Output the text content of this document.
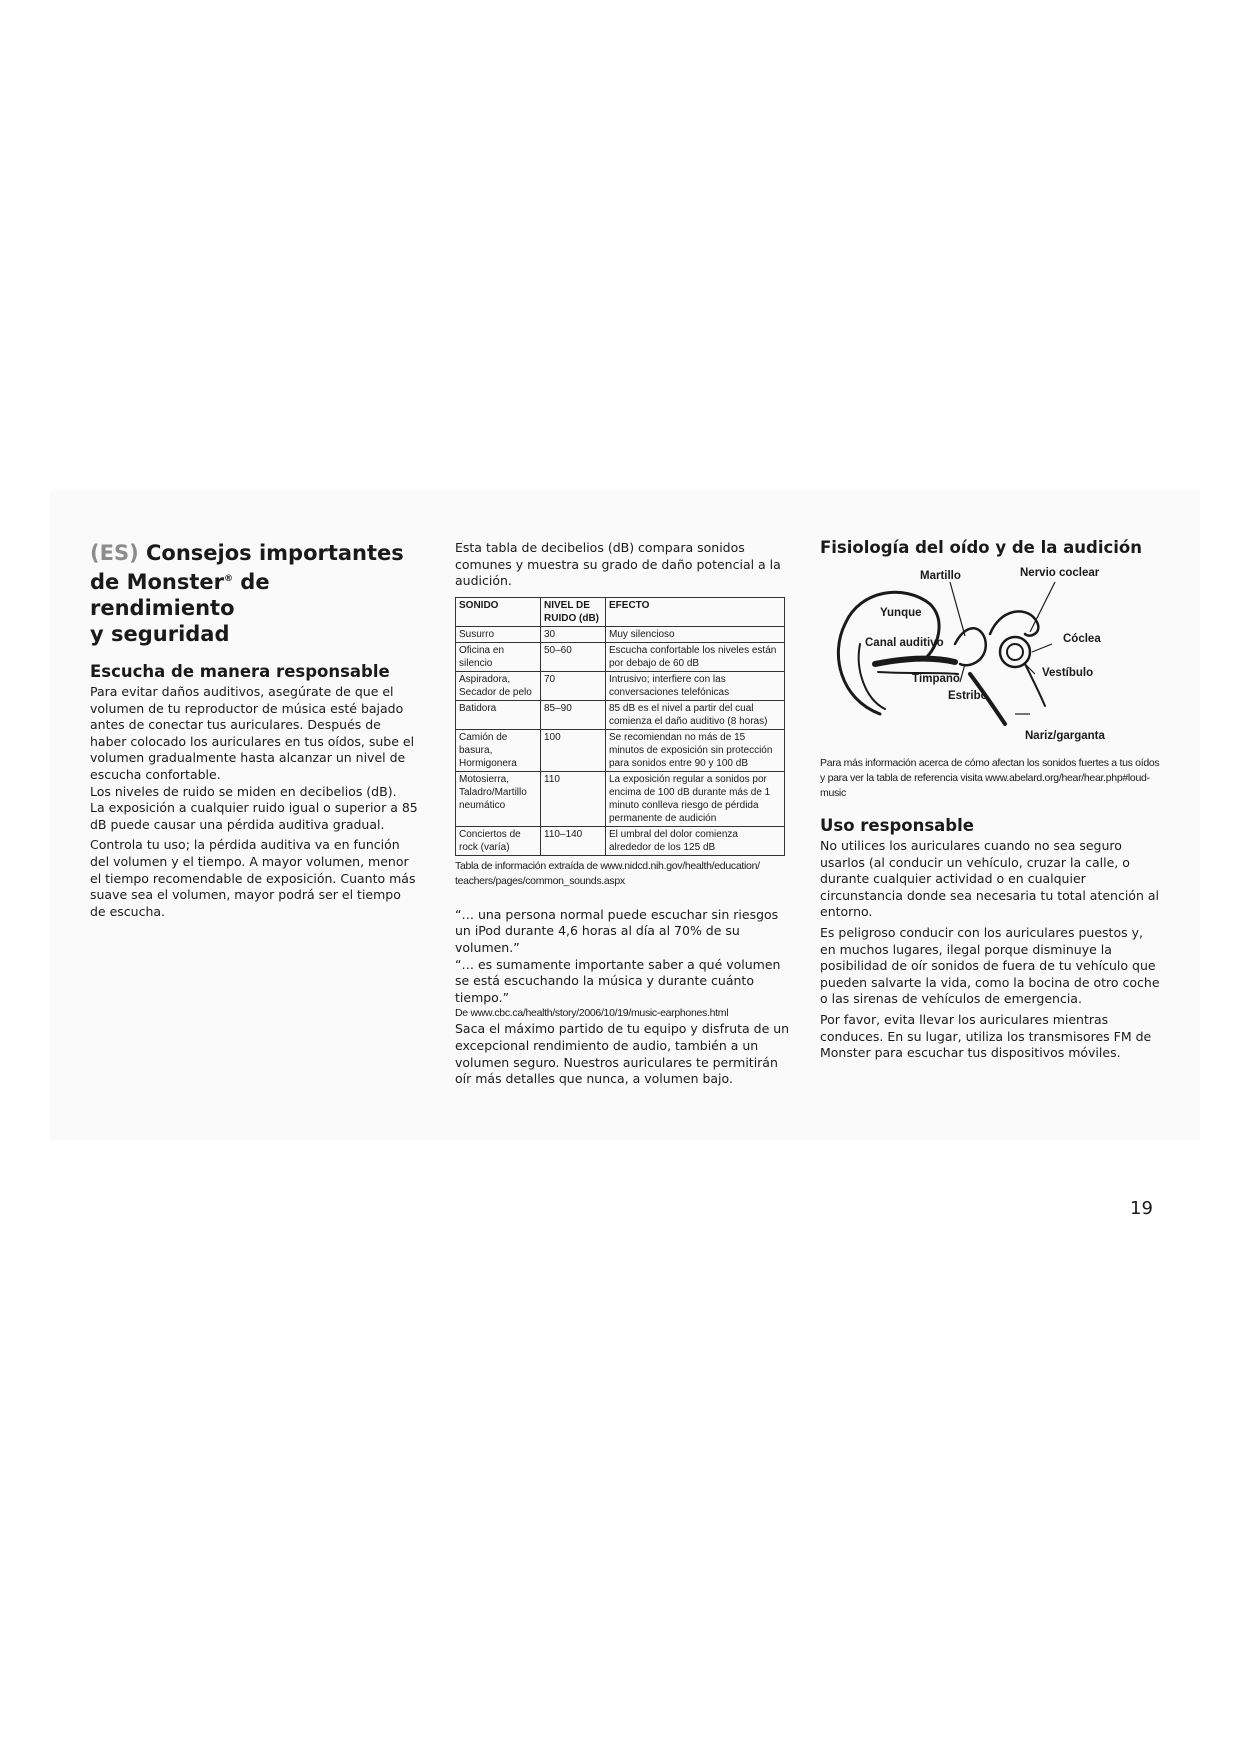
(ES) Consejos importantes
de Monster® de rendimiento
y seguridad
Escucha de manera responsable

Para evitar daños auditivos, asegúrate de que el volumen de tu reproductor de música esté bajado antes de conectar tus auriculares. Después de haber colocado los auriculares en tus oídos, sube el volumen gradualmente hasta alcanzar un nivel de escucha confortable.

Los niveles de ruido se miden en decibelios (dB).

La exposición a cualquier ruido igual o superior a 85 dB puede causar una pérdida auditiva gradual.

Controla tu uso; la pérdida auditiva va en función del volumen y el tiempo. A mayor volumen, menor el tiempo recomendable de exposición. Cuanto más suave sea el volumen, mayor podrá ser el tiempo de escucha.

Esta tabla de decibelios (dB) compara sonidos comunes y muestra su grado de daño potencial a la audición.

SONIDO	NIVEL DE RUIDO (dB)	EFECTO
Susurro	30	Muy silencioso
Oficina en silencio	50–60	Escucha confortable los niveles están por debajo de 60 dB
Aspiradora, Secador de pelo	70	Intrusivo; interfiere con las conversaciones telefónicas
Batidora	85–90	85 dB es el nivel a partir del cual comienza el daño auditivo (8 horas)
Camión de basura, Hormigonera	100	Se recomiendan no más de 15 minutos de exposición sin protección para sonidos entre 90 y 100 dB
Motosierra, Taladro/Martillo neumático	110	La exposición regular a sonidos por encima de 100 dB durante más de 1 minuto conlleva riesgo de pérdida permanente de audición
Conciertos de rock (varía)	110–140	El umbral del dolor comienza alrededor de los 125 dB

Tabla de información extraída de www.nidcd.nih.gov/health/education/ teachers/pages/common_sounds.aspx

“… una persona normal puede escuchar sin riesgos un iPod durante 4,6 horas al día al 70% de su volumen.”

“… es sumamente importante saber a qué volumen se está escuchando la música y durante cuánto tiempo.”

De www.cbc.ca/health/story/2006/10/19/music-earphones.html

Saca el máximo partido de tu equipo y disfruta de un excepcional rendimiento de audio, también a un volumen seguro. Nuestros auriculares te permitirán oír más detalles que nunca, a volumen bajo.

Fisiología del oído y de la audición
Martillo	Nervio coclear
Yunque
Canal auditivo	Cóclea
Vestíbulo
Tímpano
Estribo
Nariz/garganta

Para más información acerca de cómo afectan los sonidos fuertes a tus oídos y para ver la tabla de referencia visita www.abelard.org/hear/hear.php#loud-music

Uso responsable

No utilices los auriculares cuando no sea seguro usarlos (al conducir un vehículo, cruzar la calle, o durante cualquier actividad o en cualquier circunstancia donde sea necesaria tu total atención al entorno.

Es peligroso conducir con los auriculares puestos y, en muchos lugares, ilegal porque disminuye la posibilidad de oír sonidos de fuera de tu vehículo que pueden salvarte la vida, como la bocina de otro coche o las sirenas de vehículos de emergencia.

Por favor, evita llevar los auriculares mientras conduces. En su lugar, utiliza los transmisores FM de Monster para escuchar tus dispositivos móviles.

19
